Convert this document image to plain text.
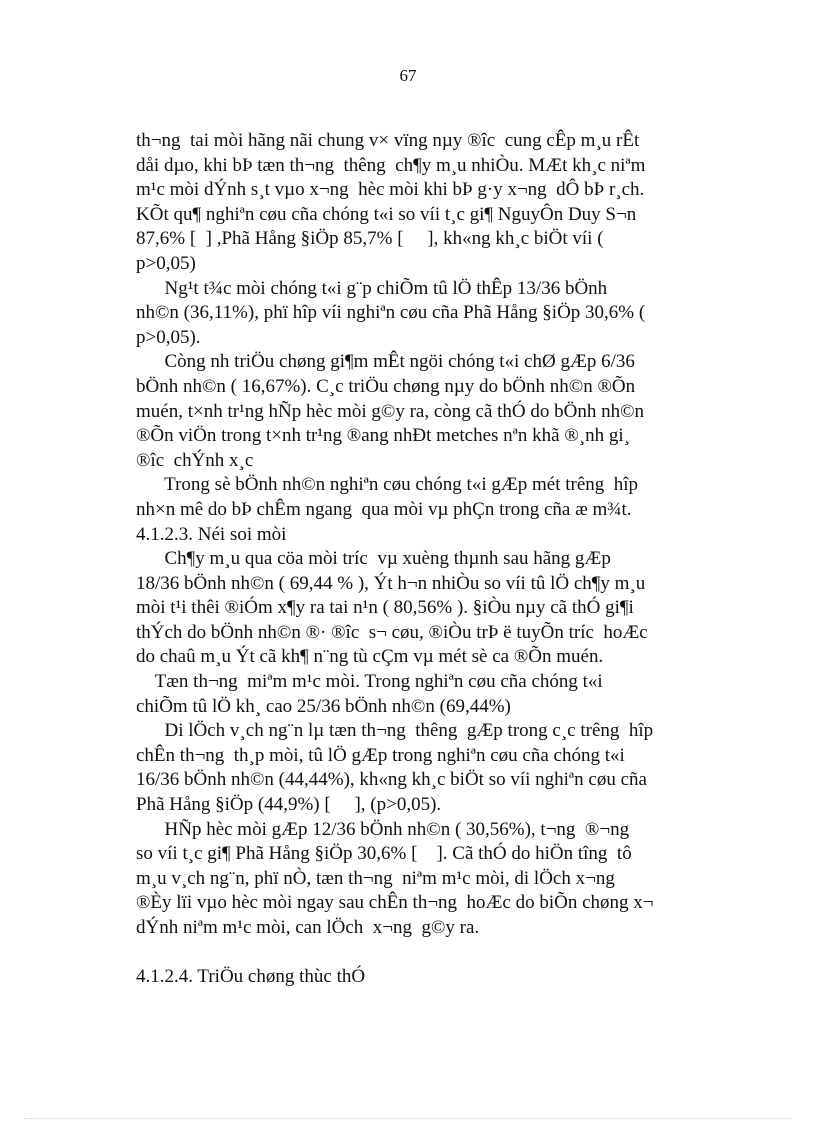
67
th¬ng  tai mòi hãng nãi chung v× vïng nµy ®îc  cung cÊp m¸u rÊt
dåi dµo, khi bÞ tæn th¬ng  thêng  ch¶y m¸u nhiÒu. MÆt kh¸c niªm
m¹c mòi dÝnh s¸t vµo x¬ng  hèc mòi khi bÞ g·y x¬ng  dÔ bÞ r¸ch.
KÕt qu¶ nghiªn cøu cña chóng t«i so víi t¸c gi¶ NguyÔn Duy S¬n
87,6% [  ] ,Phã Hång §iÖp 85,7% [     ], kh«ng kh¸c biÖt víi (
p>0,05)
Ng¹t t¾c mòi chóng t«i g¨p chiÕm tû lÖ thÊp 13/36 bÖnh
nh©n (36,11%), phï hîp víi nghiªn cøu cña Phã Hång §iÖp 30,6% (
p>0,05).
Còng nh triÖu chøng gi¶m mÊt ngöi chóng t«i chØ gÆp 6/36
bÖnh nh©n ( 16,67%). C¸c triÖu chøng nµy do bÖnh nh©n ®Õn
muén, t×nh tr¹ng hÑp hèc mòi g©y ra, còng cã thÓ do bÖnh nh©n
®Õn viÖn trong t×nh tr¹ng ®ang nhÐt metches nªn khã ®¸nh gi¸
®îc  chÝnh x¸c
Trong sè bÖnh nh©n nghiªn cøu chóng t«i gÆp mét trêng  hîp
nh×n mê do bÞ chÊm ngang  qua mòi vµ phÇn trong cña æ m¾t.
4.1.2.3. Néi soi mòi
Ch¶y m¸u qua cöa mòi tríc  vµ xuèng thµnh sau hãng gÆp
18/36 bÖnh nh©n ( 69,44 % ), Ýt h¬n nhiÒu so víi tû lÖ ch¶y m¸u
mòi t¹i thêi ®iÓm x¶y ra tai n¹n ( 80,56% ). §iÒu nµy cã thÓ gi¶i
thÝch do bÖnh nh©n ®· ®îc  s¬ cøu, ®iÒu trÞ ë tuyÕn tríc  hoÆc
do chaû m¸u Ýt cã kh¶ n¨ng tù cÇm vµ mét sè ca ®Õn muén.
Tæn th¬ng  miªm m¹c mòi. Trong nghiªn cøu cña chóng t«i
chiÕm tû lÖ kh¸ cao 25/36 bÖnh nh©n (69,44%)
Di lÖch v¸ch ng¨n lµ tæn th¬ng  thêng  gÆp trong c¸c trêng  hîp
chÊn th¬ng  th¸p mòi, tû lÖ gÆp trong nghiªn cøu cña chóng t«i
16/36 bÖnh nh©n (44,44%), kh«ng kh¸c biÖt so víi nghiªn cøu cña
Phã Hång §iÖp (44,9%) [     ], (p>0,05).
HÑp hèc mòi gÆp 12/36 bÖnh nh©n ( 30,56%), t¬ng  ®¬ng
so víi t¸c gi¶ Phã Hång §iÖp 30,6% [    ]. Cã thÓ do hiÖn tîng  tô
m¸u v¸ch ng¨n, phï nÒ, tæn th¬ng  niªm m¹c mòi, di lÖch x¬ng
®Èy lïi vµo hèc mòi ngay sau chÊn th¬ng  hoÆc do biÕn chøng x¬
dÝnh niªm m¹c mòi, can lÖch  x¬ng  g©y ra.
4.1.2.4. TriÖu chøng thùc thÓ
